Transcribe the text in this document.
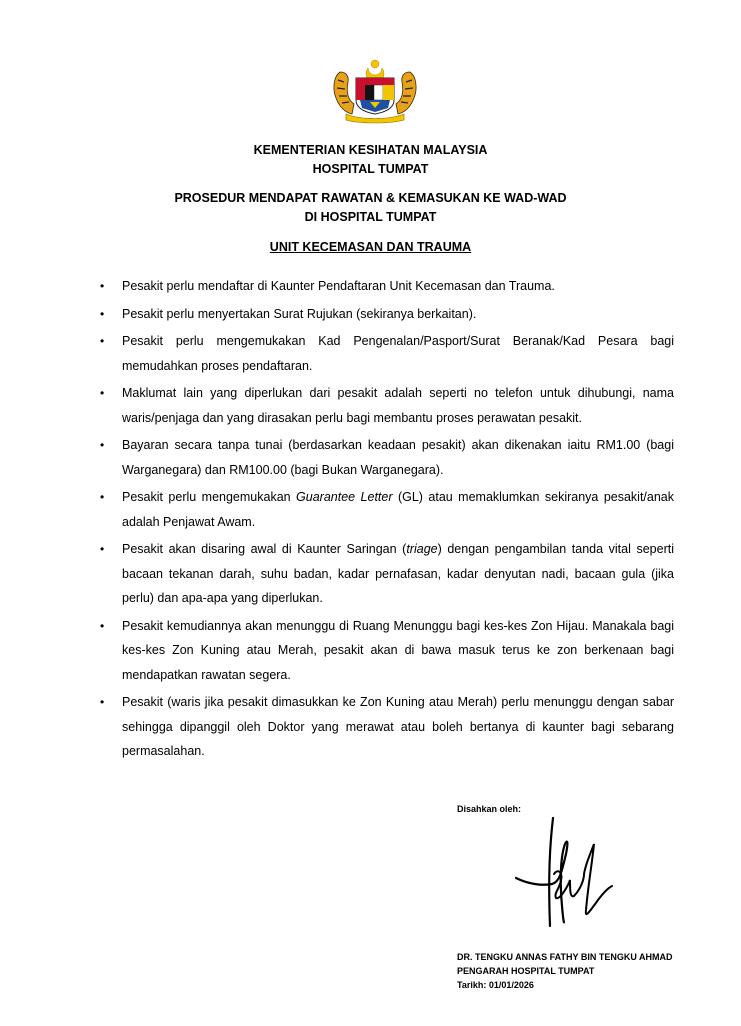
KEMENTERIAN KESIHATAN MALAYSIA
HOSPITAL TUMPAT
PROSEDUR MENDAPAT RAWATAN & KEMASUKAN KE WAD-WAD
DI HOSPITAL TUMPAT
UNIT KECEMASAN DAN TRAUMA
• Pesakit perlu mendaftar di Kaunter Pendaftaran Unit Kecemasan dan Trauma.
• Pesakit perlu menyertakan Surat Rujukan (sekiranya berkaitan).
• Pesakit perlu mengemukakan Kad Pengenalan/Pasport/Surat Beranak/Kad Pesara bagi memudahkan proses pendaftaran.
• Maklumat lain yang diperlukan dari pesakit adalah seperti no telefon untuk dihubungi, nama waris/penjaga dan yang dirasakan perlu bagi membantu proses perawatan pesakit.
• Bayaran secara tanpa tunai (berdasarkan keadaan pesakit) akan dikenakan iaitu RM1.00 (bagi Warganegara) dan RM100.00 (bagi Bukan Warganegara).
• Pesakit perlu mengemukakan Guarantee Letter (GL) atau memaklumkan sekiranya pesakit/anak adalah Penjawat Awam.
• Pesakit akan disaring awal di Kaunter Saringan (triage) dengan pengambilan tanda vital seperti bacaan tekanan darah, suhu badan, kadar pernafasan, kadar denyutan nadi, bacaan gula (jika perlu) dan apa-apa yang diperlukan.
• Pesakit kemudiannya akan menunggu di Ruang Menunggu bagi kes-kes Zon Hijau. Manakala bagi kes-kes Zon Kuning atau Merah, pesakit akan di bawa masuk terus ke zon berkenaan bagi mendapatkan rawatan segera.
• Pesakit (waris jika pesakit dimasukkan ke Zon Kuning atau Merah) perlu menunggu dengan sabar sehingga dipanggil oleh Doktor yang merawat atau boleh bertanya di kaunter bagi sebarang permasalahan.
Disahkan oleh:
DR. TENGKU ANNAS FATHY BIN TENGKU AHMAD
PENGARAH HOSPITAL TUMPAT
Tarikh: 01/01/2026
